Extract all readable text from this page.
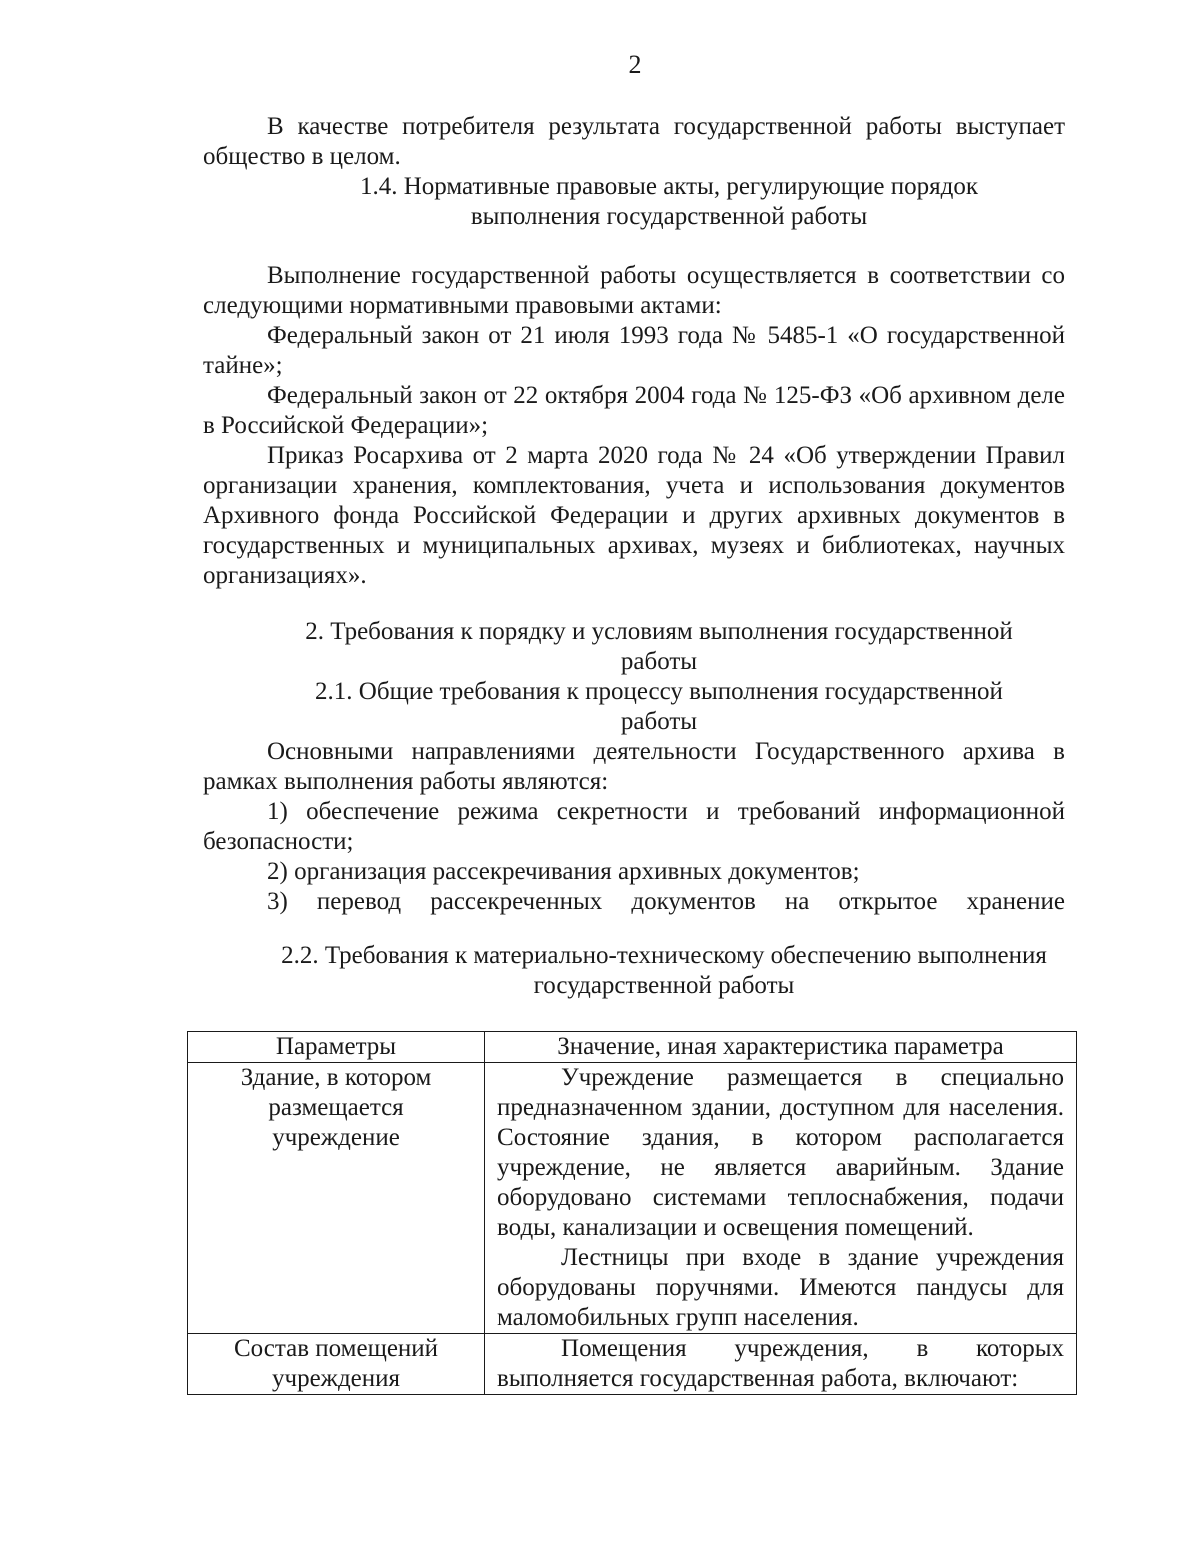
2

В качестве потребителя результата государственной работы выступает общество в целом.

1.4. Нормативные правовые акты, регулирующие порядок выполнения государственной работы

Выполнение государственной работы осуществляется в соответствии со следующими нормативными правовыми актами:

Федеральный закон от 21 июля 1993 года № 5485-1 «О государственной тайне»;

Федеральный закон от 22 октября 2004 года № 125-ФЗ «Об архивном деле в Российской Федерации»;

Приказ Росархива от 2 марта 2020 года № 24 «Об утверждении Правил организации хранения, комплектования, учета и использования документов Архивного фонда Российской Федерации и других архивных документов в государственных и муниципальных архивах, музеях и библиотеках, научных организациях».

2. Требования к порядку и условиям выполнения государственной работы

2.1. Общие требования к процессу выполнения государственной работы

Основными направлениями деятельности Государственного архива в рамках выполнения работы являются:

1) обеспечение режима секретности и требований информационной безопасности;

2) организация рассекречивания архивных документов;

3) перевод рассекреченных документов на открытое хранение

2.2. Требования к материально-техническому обеспечению выполнения государственной работы

Параметры	Значение, иная характеристика параметра
Здание, в котором размещается учреждение	Учреждение размещается в специально предназначенном здании, доступном для населения. Состояние здания, в котором располагается учреждение, не является аварийным. Здание оборудовано системами теплоснабжения, подачи воды, канализации и освещения помещений.

Лестницы при входе в здание учреждения оборудованы поручнями. Имеются пандусы для маломобильных групп населения.

Состав помещений учреждения	Помещения учреждения, в которых выполняется государственная работа, включают:
